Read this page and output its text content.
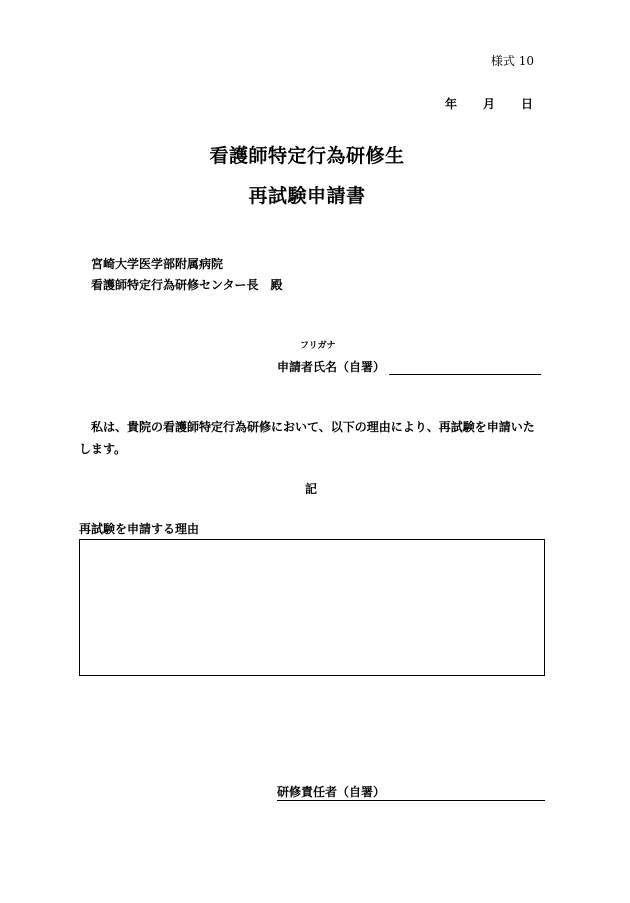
様式 10
年 月 日
看護師特定行為研修生
再試験申請書
宮崎大学医学部附属病院
看護師特定行為研修センター長 殿
フリガナ
申請者氏名（自署）
私は、貴院の看護師特定行為研修において、以下の理由により、再試験を申請いたします。
記
再試験を申請する理由
研修責任者（自署）
